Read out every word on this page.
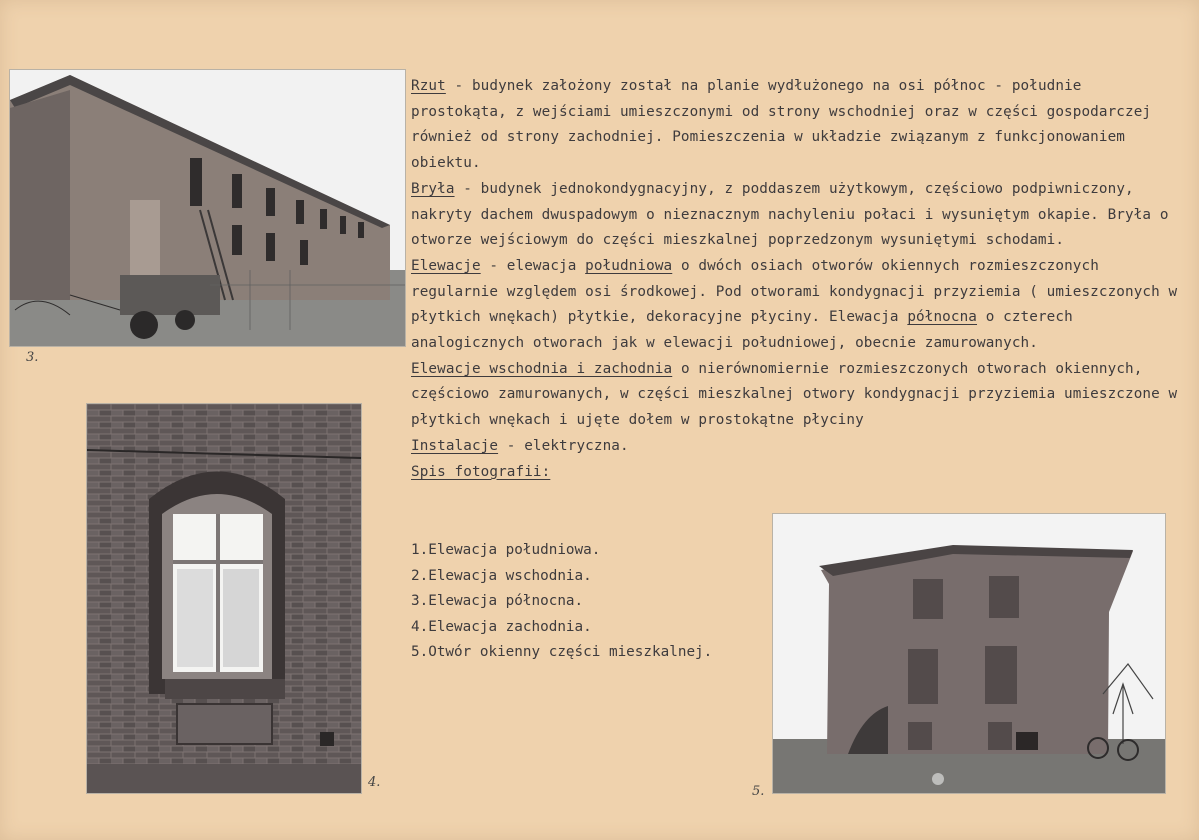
3.
4.
5.

Rzut - budynek założony został na planie wydłużonego na osi północ - południe prostokąta, z wejściami umieszczonymi od strony wschodniej oraz w części gospodarczej również od strony zachodniej. Pomieszczenia w układzie związanym z funkcjonowaniem obiektu.

Bryła - budynek jednokondygnacyjny, z poddaszem użytkowym, częściowo podpiwniczony, nakryty dachem dwuspadowym o nieznacznym nachyleniu połaci i wysuniętym okapie. Bryła o otworze wejściowym do części mieszkalnej poprzedzonym wysuniętymi schodami.

Elewacje - elewacja południowa o dwóch osiach otworów okiennych rozmieszczonych regularnie względem osi środkowej. Pod otworami kondygnacji przyziemia ( umieszczonych w płytkich wnękach) płytkie, dekoracyjne płyciny. Elewacja północna o czterech analogicznych otworach jak w elewacji południowej, obecnie zamurowanych.

Elewacje wschodnia i zachodnia o nierównomiernie rozmieszczonych otworach okiennych, częściowo zamurowanych, w części mieszkalnej otwory kondygnacji przyziemia umieszczone w płytkich wnękach i ujęte dołem w prostokątne płyciny

Instalacje - elektryczna.

Spis fotografii:

1.Elewacja południowa.
2.Elewacja wschodnia.
3.Elewacja północna.
4.Elewacja zachodnia.
5.Otwór okienny części mieszkalnej.
